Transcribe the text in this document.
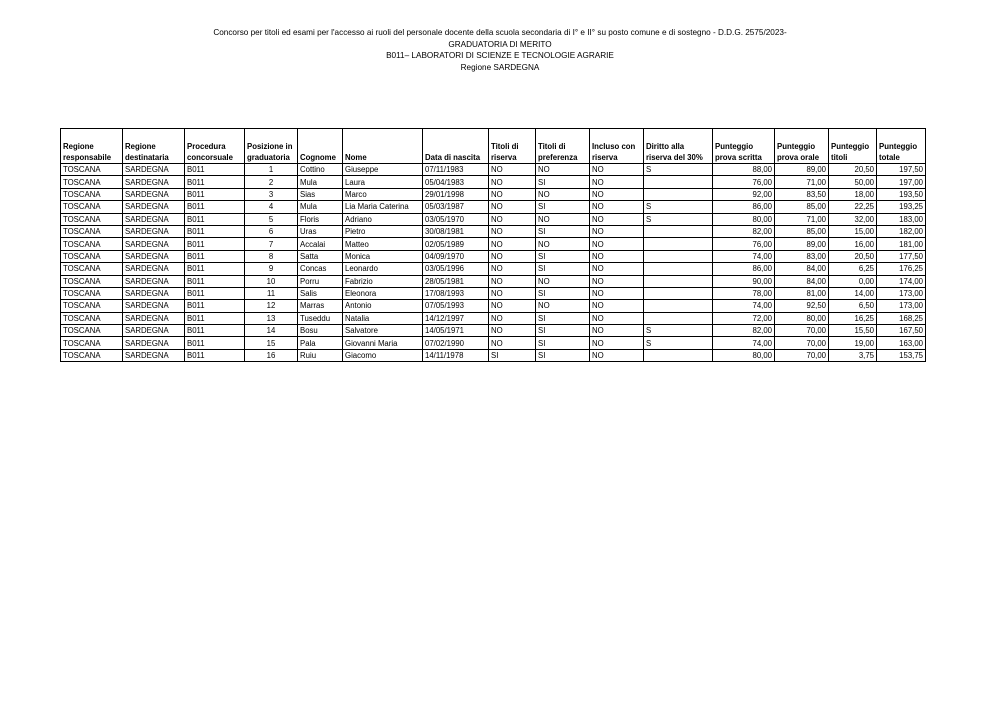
Concorso per titoli ed esami per l'accesso ai ruoli del personale docente della scuola secondaria di I° e II° su posto comune e di sostegno - D.D.G. 2575/2023-
GRADUATORIA DI MERITO
B011– LABORATORI DI SCIENZE E TECNOLOGIE AGRARIE
Regione SARDEGNA
Regione responsabile	Regione destinataria	Procedura concorsuale	Posizione in graduatoria	Cognome	Nome	Data di nascita	Titoli di riserva	Titoli di preferenza	Incluso con riserva	Diritto alla riserva del 30%	Punteggio prova scritta	Punteggio prova orale	Punteggio titoli	Punteggio totale
TOSCANA	SARDEGNA	B011	1	Cottino	Giuseppe	07/11/1983	NO	NO	NO	S	88,00	89,00	20,50	197,50
TOSCANA	SARDEGNA	B011	2	Mula	Laura	05/04/1983	NO	SI	NO		76,00	71,00	50,00	197,00
TOSCANA	SARDEGNA	B011	3	Sias	Marco	29/01/1998	NO	NO	NO		92,00	83,50	18,00	193,50
TOSCANA	SARDEGNA	B011	4	Mula	Lia Maria Caterina	05/03/1987	NO	SI	NO	S	86,00	85,00	22,25	193,25
TOSCANA	SARDEGNA	B011	5	Floris	Adriano	03/05/1970	NO	NO	NO	S	80,00	71,00	32,00	183,00
TOSCANA	SARDEGNA	B011	6	Uras	Pietro	30/08/1981	NO	SI	NO		82,00	85,00	15,00	182,00
TOSCANA	SARDEGNA	B011	7	Accalai	Matteo	02/05/1989	NO	NO	NO		76,00	89,00	16,00	181,00
TOSCANA	SARDEGNA	B011	8	Satta	Monica	04/09/1970	NO	SI	NO		74,00	83,00	20,50	177,50
TOSCANA	SARDEGNA	B011	9	Concas	Leonardo	03/05/1996	NO	SI	NO		86,00	84,00	6,25	176,25
TOSCANA	SARDEGNA	B011	10	Porru	Fabrizio	28/05/1981	NO	NO	NO		90,00	84,00	0,00	174,00
TOSCANA	SARDEGNA	B011	11	Salis	Eleonora	17/08/1993	NO	SI	NO		78,00	81,00	14,00	173,00
TOSCANA	SARDEGNA	B011	12	Marras	Antonio	07/05/1993	NO	NO	NO		74,00	92,50	6,50	173,00
TOSCANA	SARDEGNA	B011	13	Tuseddu	Natalia	14/12/1997	NO	SI	NO		72,00	80,00	16,25	168,25
TOSCANA	SARDEGNA	B011	14	Bosu	Salvatore	14/05/1971	NO	SI	NO	S	82,00	70,00	15,50	167,50
TOSCANA	SARDEGNA	B011	15	Pala	Giovanni Maria	07/02/1990	NO	SI	NO	S	74,00	70,00	19,00	163,00
TOSCANA	SARDEGNA	B011	16	Ruiu	Giacomo	14/11/1978	SI	SI	NO		80,00	70,00	3,75	153,75
